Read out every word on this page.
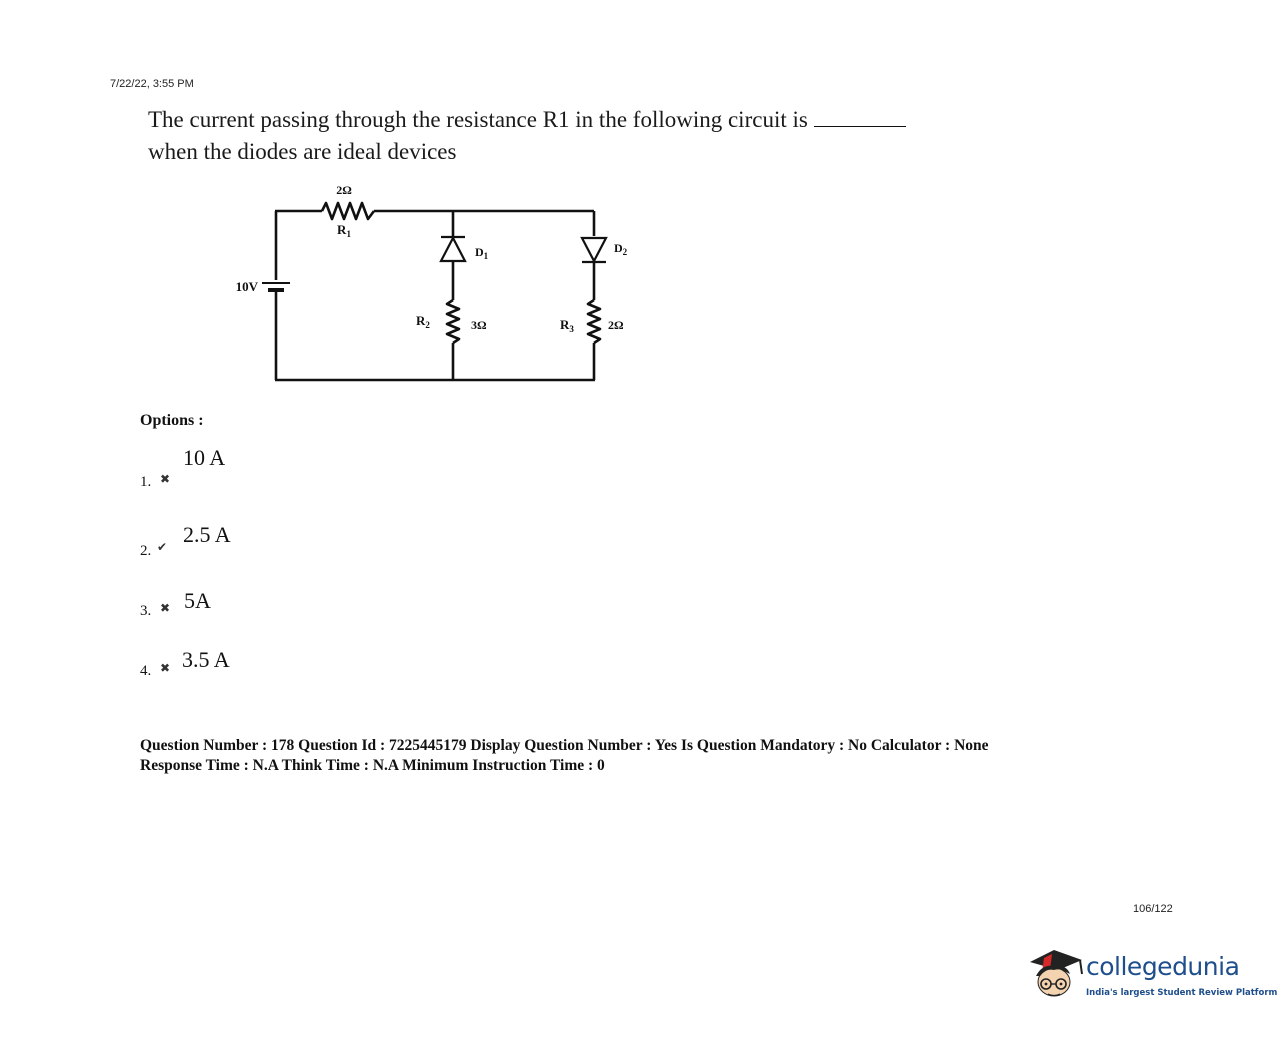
7/22/22, 3:55 PM
The current passing through the resistance R1 in the following circuit is
when the diodes are ideal devices
2Ω
$R_1$
$D_1$
$D_2$
10V
$R_2$	3Ω	$R_3$	2Ω
Options :
1. ✖
10 A
2. ✔ 2.5 A
3. ✖ 5A
4. ✖ 3.5 A
Question Number : 178 Question Id : 7225445179 Display Question Number : Yes Is Question Mandatory : No Calculator : None
Response Time : N.A Think Time : N.A Minimum Instruction Time : 0
106/122
collegedunia
India's largest Student Review Platform
